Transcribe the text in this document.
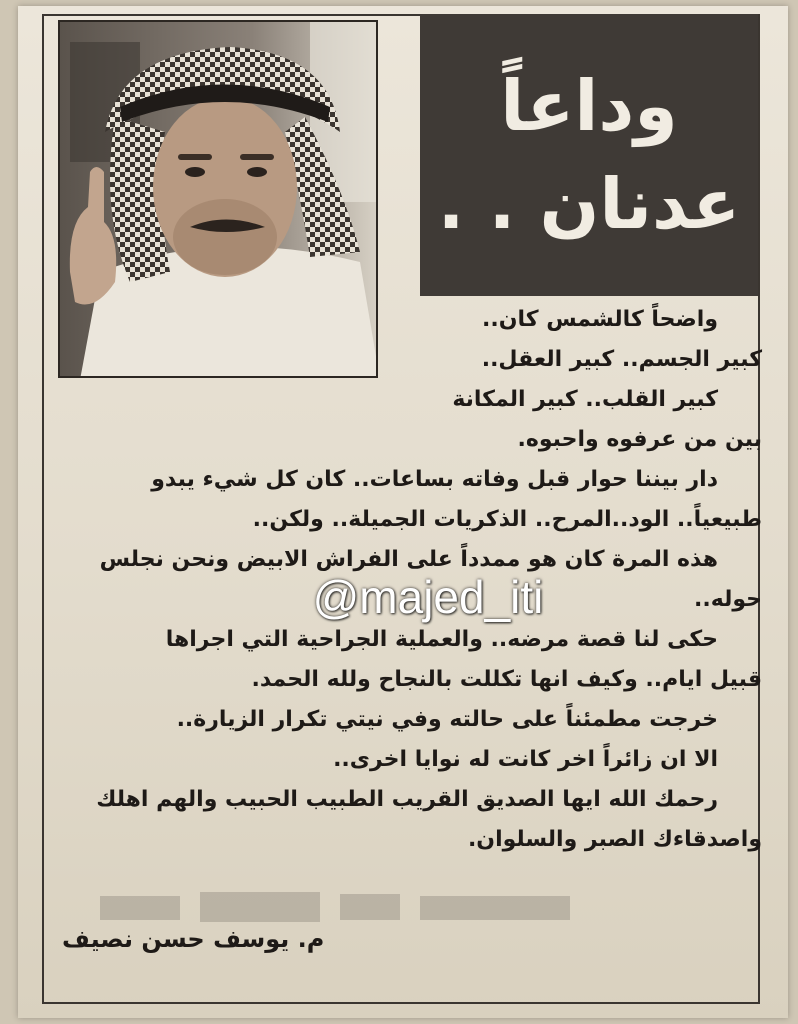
وداعاً
عدنان . .
واضحاً كالشمس كان..
كبير الجسم.. كبير العقل..
كبير القلب.. كبير المكانة
بين من عرفوه واحبوه.
دار بيننا حوار قبل وفاته بساعات.. كان كل شيء يبدو
طبيعياً.. الود..المرح.. الذكريات الجميلة.. ولكن..
هذه المرة كان هو ممدداً على الفراش الابيض ونحن نجلس
حوله..
حكى لنا قصة مرضه.. والعملية الجراحية التي اجراها
قبيل ايام.. وكيف انها تكللت بالنجاح ولله الحمد.
خرجت مطمئناً على حالته وفي نيتي تكرار الزيارة..
الا ان زائراً اخر كانت له نوايا اخرى..
رحمك الله ايها الصديق القريب الطبيب الحبيب والهم اهلك
واصدقاءك الصبر والسلوان.
م. يوسف حسن نصيف
@majed_iti
